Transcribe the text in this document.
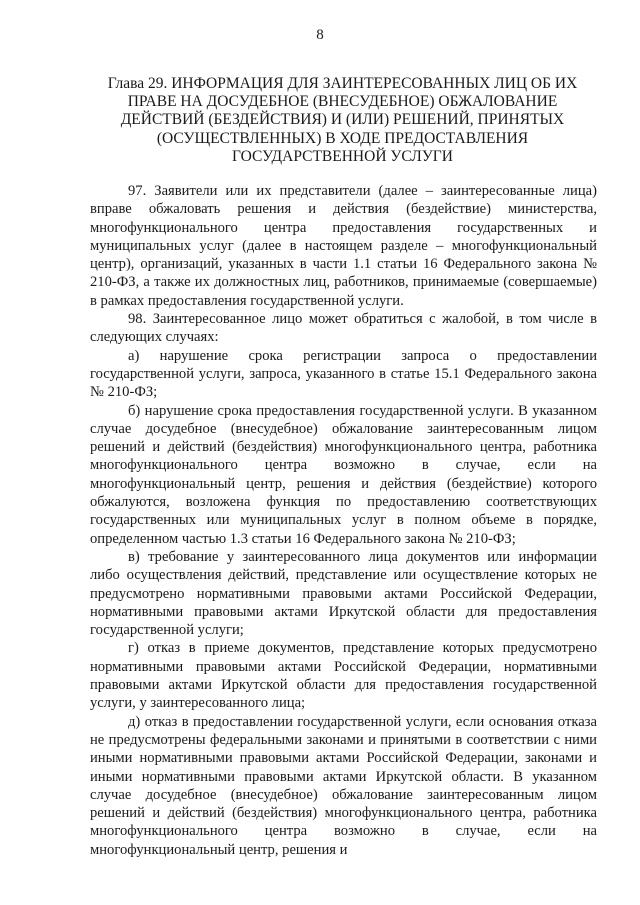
8
Глава 29. ИНФОРМАЦИЯ ДЛЯ ЗАИНТЕРЕСОВАННЫХ ЛИЦ ОБ ИХ ПРАВЕ НА ДОСУДЕБНОЕ (ВНЕСУДЕБНОЕ) ОБЖАЛОВАНИЕ ДЕЙСТВИЙ (БЕЗДЕЙСТВИЯ) И (ИЛИ) РЕШЕНИЙ, ПРИНЯТЫХ (ОСУЩЕСТВЛЕННЫХ) В ХОДЕ ПРЕДОСТАВЛЕНИЯ ГОСУДАРСТВЕННОЙ УСЛУГИ

97. Заявители или их представители (далее – заинтересованные лица) вправе обжаловать решения и действия (бездействие) министерства, многофункционального центра предоставления государственных и муниципальных услуг (далее в настоящем разделе – многофункциональный центр), организаций, указанных в части 1.1 статьи 16 Федерального закона № 210-ФЗ, а также их должностных лиц, работников, принимаемые (совершаемые) в рамках предоставления государственной услуги.

98. Заинтересованное лицо может обратиться с жалобой, в том числе в следующих случаях:

а) нарушение срока регистрации запроса о предоставлении государственной услуги, запроса, указанного в статье 15.1 Федерального закона № 210-ФЗ;

б) нарушение срока предоставления государственной услуги. В указанном случае досудебное (внесудебное) обжалование заинтересованным лицом решений и действий (бездействия) многофункционального центра, работника многофункционального центра возможно в случае, если на многофункциональный центр, решения и действия (бездействие) которого обжалуются, возложена функция по предоставлению соответствующих государственных или муниципальных услуг в полном объеме в порядке, определенном частью 1.3 статьи 16 Федерального закона № 210-ФЗ;

в) требование у заинтересованного лица документов или информации либо осуществления действий, представление или осуществление которых не предусмотрено нормативными правовыми актами Российской Федерации, нормативными правовыми актами Иркутской области для предоставления государственной услуги;

г) отказ в приеме документов, представление которых предусмотрено нормативными правовыми актами Российской Федерации, нормативными правовыми актами Иркутской области для предоставления государственной услуги, у заинтересованного лица;

д) отказ в предоставлении государственной услуги, если основания отказа не предусмотрены федеральными законами и принятыми в соответствии с ними иными нормативными правовыми актами Российской Федерации, законами и иными нормативными правовыми актами Иркутской области. В указанном случае досудебное (внесудебное) обжалование заинтересованным лицом решений и действий (бездействия) многофункционального центра, работника многофункционального центра возможно в случае, если на многофункциональный центр, решения и
